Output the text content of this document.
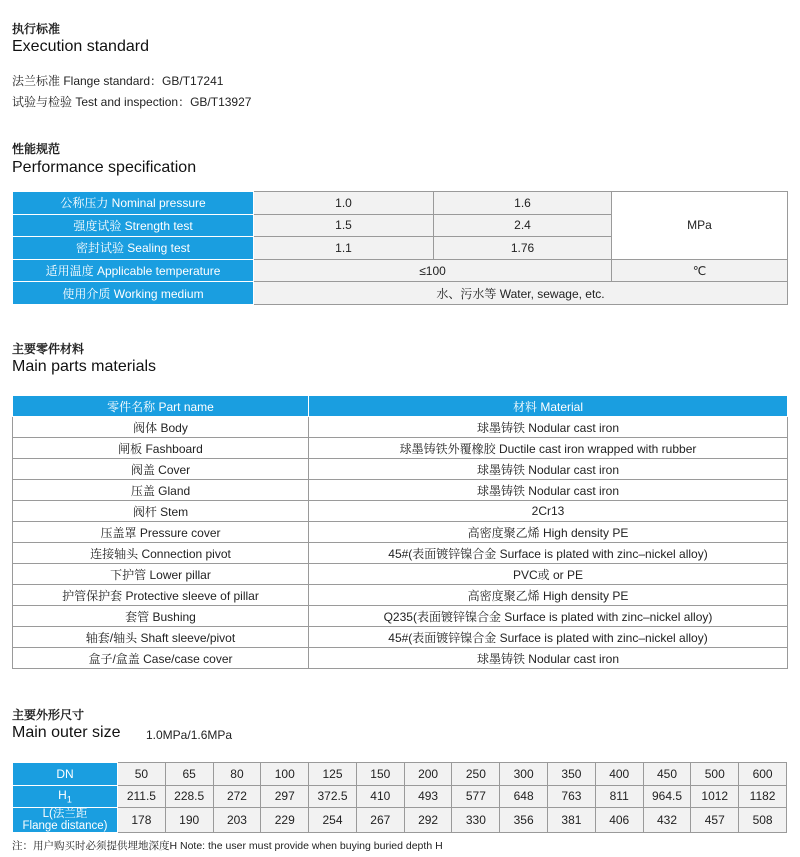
执行标准
Execution standard
法兰标准 Flange standard：GB/T17241
试验与检验 Test and inspection：GB/T13927
性能规范
Performance specification
公称压力 Nominal pressure	1.0	1.6	MPa
强度试验 Strength test	1.5	2.4	
密封试验 Sealing test	1.1	1.76	
适用温度 Applicable temperature	≤100		℃
使用介质 Working medium	水、污水等 Water, sewage, etc.		
主要零件材料
Main parts materials
零件名称 Part name	材料 Material
阀体 Body	球墨铸铁 Nodular cast iron
闸板 Fashboard	球墨铸铁外覆橡胶 Ductile cast iron wrapped with rubber
阀盖 Cover	球墨铸铁 Nodular cast iron
压盖 Gland	球墨铸铁 Nodular cast iron
阀杆 Stem	2Cr13
压盖罩 Pressure cover	高密度聚乙烯 High density PE
连接轴头 Connection pivot	45#(表面镀锌镍合金 Surface is plated with zinc–nickel alloy)
下护管 Lower pillar	PVC或 or PE
护管保护套 Protective sleeve of pillar	高密度聚乙烯 High density PE
套管 Bushing	Q235(表面镀锌镍合金 Surface is plated with zinc–nickel alloy)
轴套/轴头 Shaft sleeve/pivot	45#(表面镀锌镍合金 Surface is plated with zinc–nickel alloy)
盒子/盒盖 Case/case cover	球墨铸铁 Nodular cast iron
主要外形尺寸
Main outer size 1.0MPa/1.6MPa
DN	50	65	80	100	125	150	200	250	300	350	400	450	500	600
$H_1$	211.5	228.5	272	297	372.5	410	493	577	648	763	811	964.5	1012	1182

L(法兰距
Flange distance)	178	190	203	229	254	267	292	330	356	381	406	432	457	508
注：用户购买时必须提供埋地深度H Note: the user must provide when buying buried depth H
